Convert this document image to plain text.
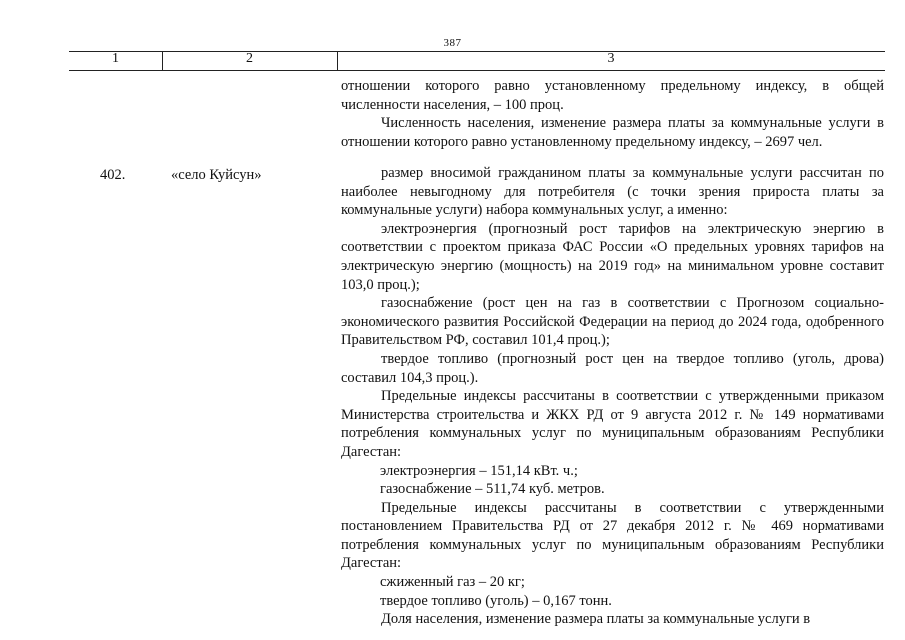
387
1	2	3

отношении которого равно установленному предельному индексу, в общей численности населения, – 100 проц.

Численность населения, изменение размера платы за коммунальные услуги в отношении которого равно установленному предельному индексу, – 2697 чел.

402.	«село Куйсун»	размер вносимой гражданином платы за коммунальные услуги рассчитан по наиболее невыгодному для потребителя (с точки зрения прироста платы за коммунальные услуги) набора коммунальных услуг, а именно:

электроэнергия (прогнозный рост тарифов на электрическую энергию в соответствии с проектом приказа ФАС России «О предельных уровнях тарифов на электрическую энергию (мощность) на 2019 год» на минимальном уровне составит 103,0 проц.);

газоснабжение (рост цен на газ в соответствии с Прогнозом социально-экономического развития Российской Федерации на период до 2024 года, одобренного Правительством РФ, составил 101,4 проц.);

твердое топливо (прогнозный рост цен на твердое топливо (уголь, дрова) составил 104,3 проц.).

Предельные индексы рассчитаны в соответствии с утвержденными приказом Министерства строительства и ЖКХ РД от 9 августа 2012 г. № 149 нормативами потребления коммунальных услуг по муниципальным образованиям Республики Дагестан:

электроэнергия – 151,14 кВт. ч.;

газоснабжение – 511,74 куб. метров.

Предельные индексы рассчитаны в соответствии с утвержденными постановлением Правительства РД от 27 декабря 2012 г. № 469 нормативами потребления коммунальных услуг по муниципальным образованиям Республики Дагестан:

сжиженный газ – 20 кг;

твердое топливо (уголь) – 0,167 тонн.

Доля населения, изменение размера платы за коммунальные услуги в
